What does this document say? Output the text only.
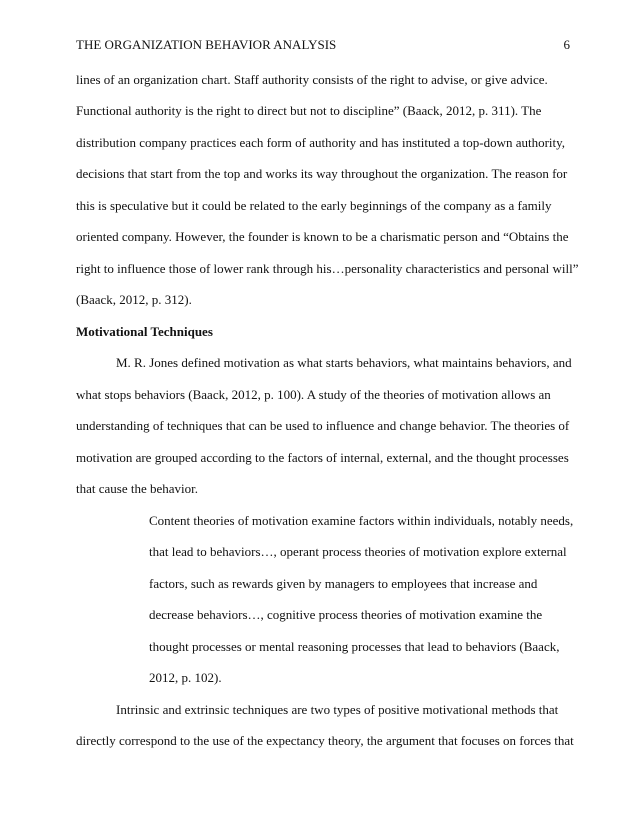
THE ORGANIZATION BEHAVIOR ANALYSIS	6
lines of an organization chart. Staff authority consists of the right to advise, or give advice.
Functional authority is the right to direct but not to discipline” (Baack, 2012, p. 311). The
distribution company practices each form of authority and has instituted a top-down authority,
decisions that start from the top and works its way throughout the organization. The reason for
this is speculative but it could be related to the early beginnings of the company as a family
oriented company. However, the founder is known to be a charismatic person and “Obtains the
right to influence those of lower rank through his…personality characteristics and personal will”
(Baack, 2012, p. 312).
Motivational Techniques
M. R. Jones defined motivation as what starts behaviors, what maintains behaviors, and
what stops behaviors (Baack, 2012, p. 100). A study of the theories of motivation allows an
understanding of techniques that can be used to influence and change behavior. The theories of
motivation are grouped according to the factors of internal, external, and the thought processes
that cause the behavior.
Content theories of motivation examine factors within individuals, notably needs,
that lead to behaviors…, operant process theories of motivation explore external
factors, such as rewards given by managers to employees that increase and
decrease behaviors…, cognitive process theories of motivation examine the
thought processes or mental reasoning processes that lead to behaviors (Baack,
2012, p. 102).
Intrinsic and extrinsic techniques are two types of positive motivational methods that
directly correspond to the use of the expectancy theory, the argument that focuses on forces that
